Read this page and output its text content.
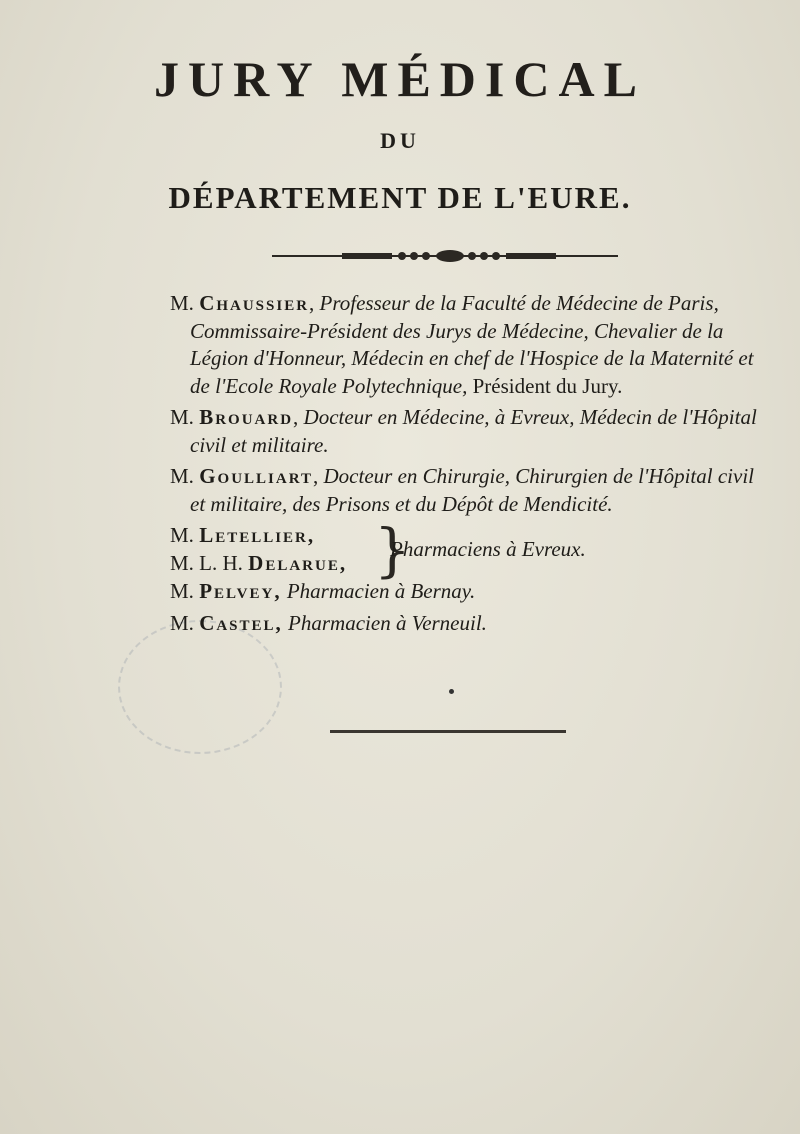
JURY MÉDICAL
DU
DÉPARTEMENT DE L'EURE.
M. Chaussier, Professeur de la Faculté de Médecine de Paris, Commissaire-Président des Jurys de Médecine, Chevalier de la Légion d'Honneur, Médecin en chef de l'Hospice de la Maternité et de l'Ecole Royale Polytechnique, Président du Jury.
M. Brouard, Docteur en Médecine, à Evreux, Médecin de l'Hôpital civil et militaire.
M. Goulliart, Docteur en Chirurgie, Chirurgien de l'Hôpital civil et militaire, des Prisons et du Dépôt de Mendicité.
M. Letellier,
M. L. H. Delarue, }
Pharmaciens à Evreux.
M. Pelvey, Pharmacien à Bernay.
M. Castel, Pharmacien à Verneuil.
